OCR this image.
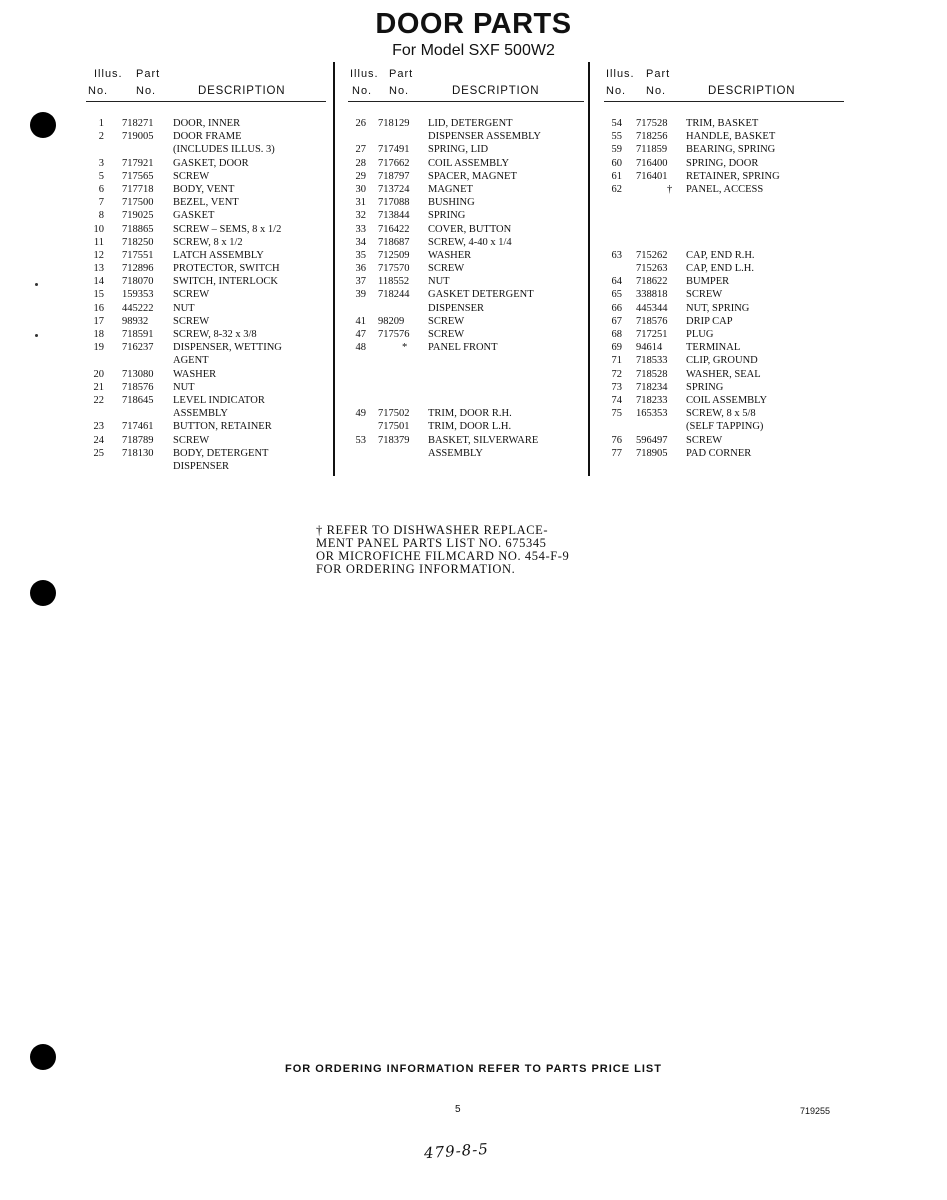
DOOR PARTS

For Model SXF 500W2

Illus. Part
No.	No.	DESCRIPTION
1 718271 DOOR, INNER
2 719005 DOOR FRAME
(INCLUDES ILLUS. 3)
3 717921 GASKET, DOOR
5 717565 SCREW
6 717718 BODY, VENT
7 717500 BEZEL, VENT
8 719025 GASKET
10 718865 SCREW – SEMS, 8 x 1/2
11 718250 SCREW, 8 x 1/2
12 717551 LATCH ASSEMBLY
13 712896 PROTECTOR, SWITCH
14 718070 SWITCH, INTERLOCK
15 159353 SCREW
16 445222 NUT
17 98932 SCREW
18 718591 SCREW, 8-32 x 3/8
19 716237 DISPENSER, WETTING
AGENT
20 713080 WASHER
21 718576 NUT
22 718645 LEVEL INDICATOR
ASSEMBLY
23 717461 BUTTON, RETAINER
24 718789 SCREW
25 718130 BODY, DETERGENT
DISPENSER
Illus. Part
No. No.	DESCRIPTION
26 718129 LID, DETERGENT
DISPENSER ASSEMBLY
27 717491 SPRING, LID
28 717662 COIL ASSEMBLY
29 718797 SPACER, MAGNET
30 713724 MAGNET
31 717088 BUSHING
32 713844 SPRING
33 716422 COVER, BUTTON
34 718687 SCREW, 4-40 x 1/4
35 712509 WASHER
36 717570 SCREW
37 118552 NUT
39 718244 GASKET DETERGENT
DISPENSER
41 98209 SCREW
47 717576 SCREW
48	* PANEL FRONT
49 717502 TRIM, DOOR R.H.
717501 TRIM, DOOR L.H.
53 718379 BASKET, SILVERWARE
ASSEMBLY
Illus. Part
No. No.	DESCRIPTION
54 717528 TRIM, BASKET
55 718256 HANDLE, BASKET
59 711859 BEARING, SPRING
60 716400 SPRING, DOOR
61 716401 RETAINER, SPRING
62	† PANEL, ACCESS
63 715262 CAP, END R.H.
715263 CAP, END L.H.
64 718622 BUMPER
65 338818 SCREW
66 445344 NUT, SPRING
67 718576 DRIP CAP
68 717251 PLUG
69 94614 TERMINAL
71 718533 CLIP, GROUND
72 718528 WASHER, SEAL
73 718234 SPRING
74 718233 COIL ASSEMBLY
75 165353 SCREW, 8 x 5/8
(SELF TAPPING)
76 596497 SCREW
77 718905 PAD CORNER

† REFER TO DISHWASHER REPLACE-
MENT PANEL PARTS LIST NO. 675345
OR MICROFICHE FILMCARD NO. 454-F-9
FOR ORDERING INFORMATION.

FOR ORDERING INFORMATION REFER TO PARTS PRICE LIST
5	719255
479-8-5
